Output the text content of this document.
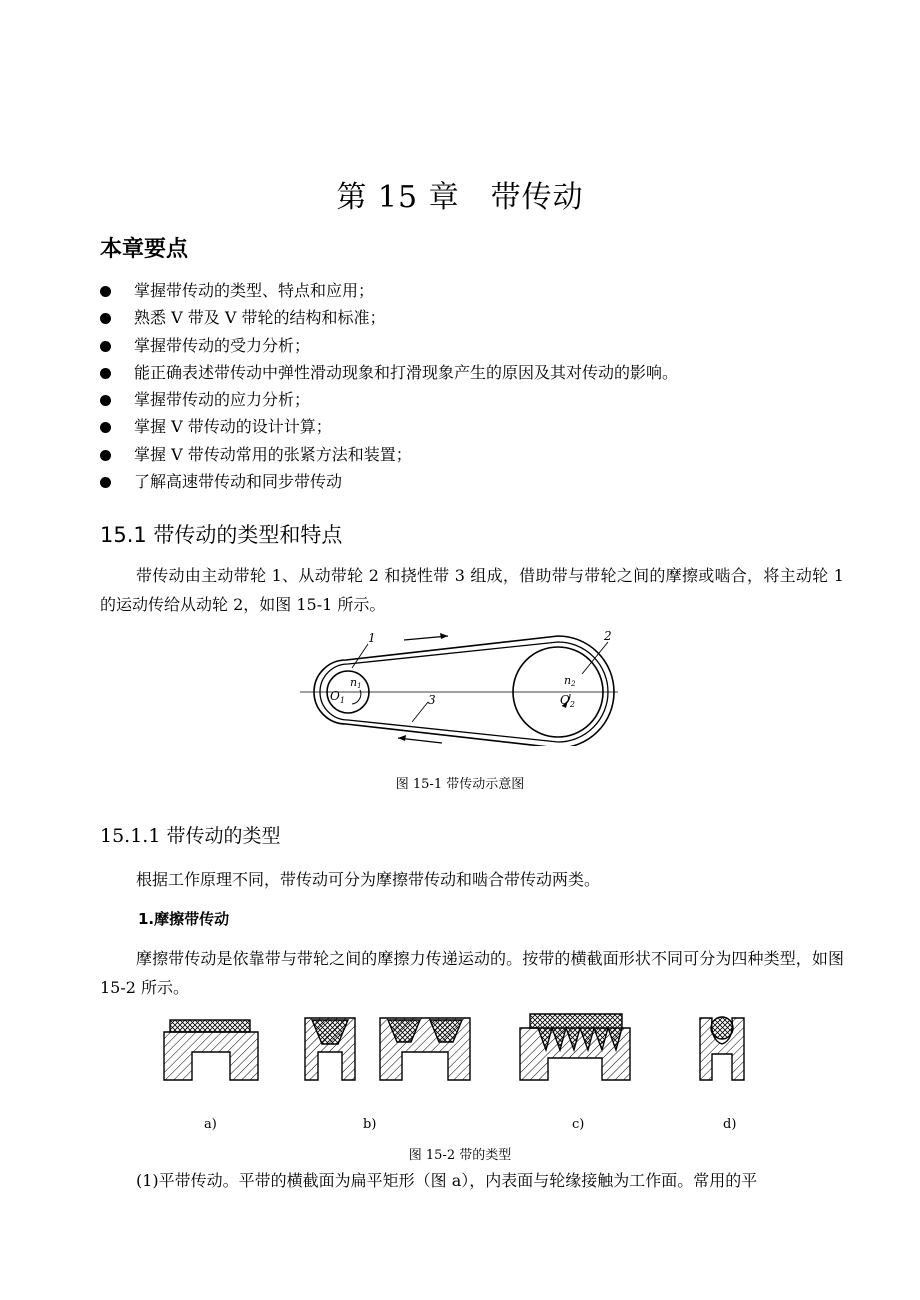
第 15 章　带传动
本章要点
掌握带传动的类型、特点和应用；
熟悉 V 带及 V 带轮的结构和标准；
掌握带传动的受力分析；
能正确表述带传动中弹性滑动现象和打滑现象产生的原因及其对传动的影响。
掌握带传动的应力分析；
掌握 V 带传动的设计计算；
掌握 V 带传动常用的张紧方法和装置；
了解高速带传动和同步带传动
15.1 带传动的类型和特点
带传动由主动带轮 1、从动带轮 2 和挠性带 3 组成，借助带与带轮之间的摩擦或啮合，将主动轮 1 的运动传给从动轮 2，如图 15-1 所示。
1	2
3
n1
$O_1$
n2
$O_2$
图 15-1 带传动示意图
15.1.1 带传动的类型
根据工作原理不同，带传动可分为摩擦带传动和啮合带传动两类。
1.摩擦带传动
摩擦带传动是依靠带与带轮之间的摩擦力传递运动的。按带的横截面形状不同可分为四种类型，如图 15-2 所示。
a)	b)	c)	d)
图 15-2 带的类型
(1)平带传动。平带的横截面为扁平矩形（图 a），内表面与轮缘接触为工作面。常用的平
